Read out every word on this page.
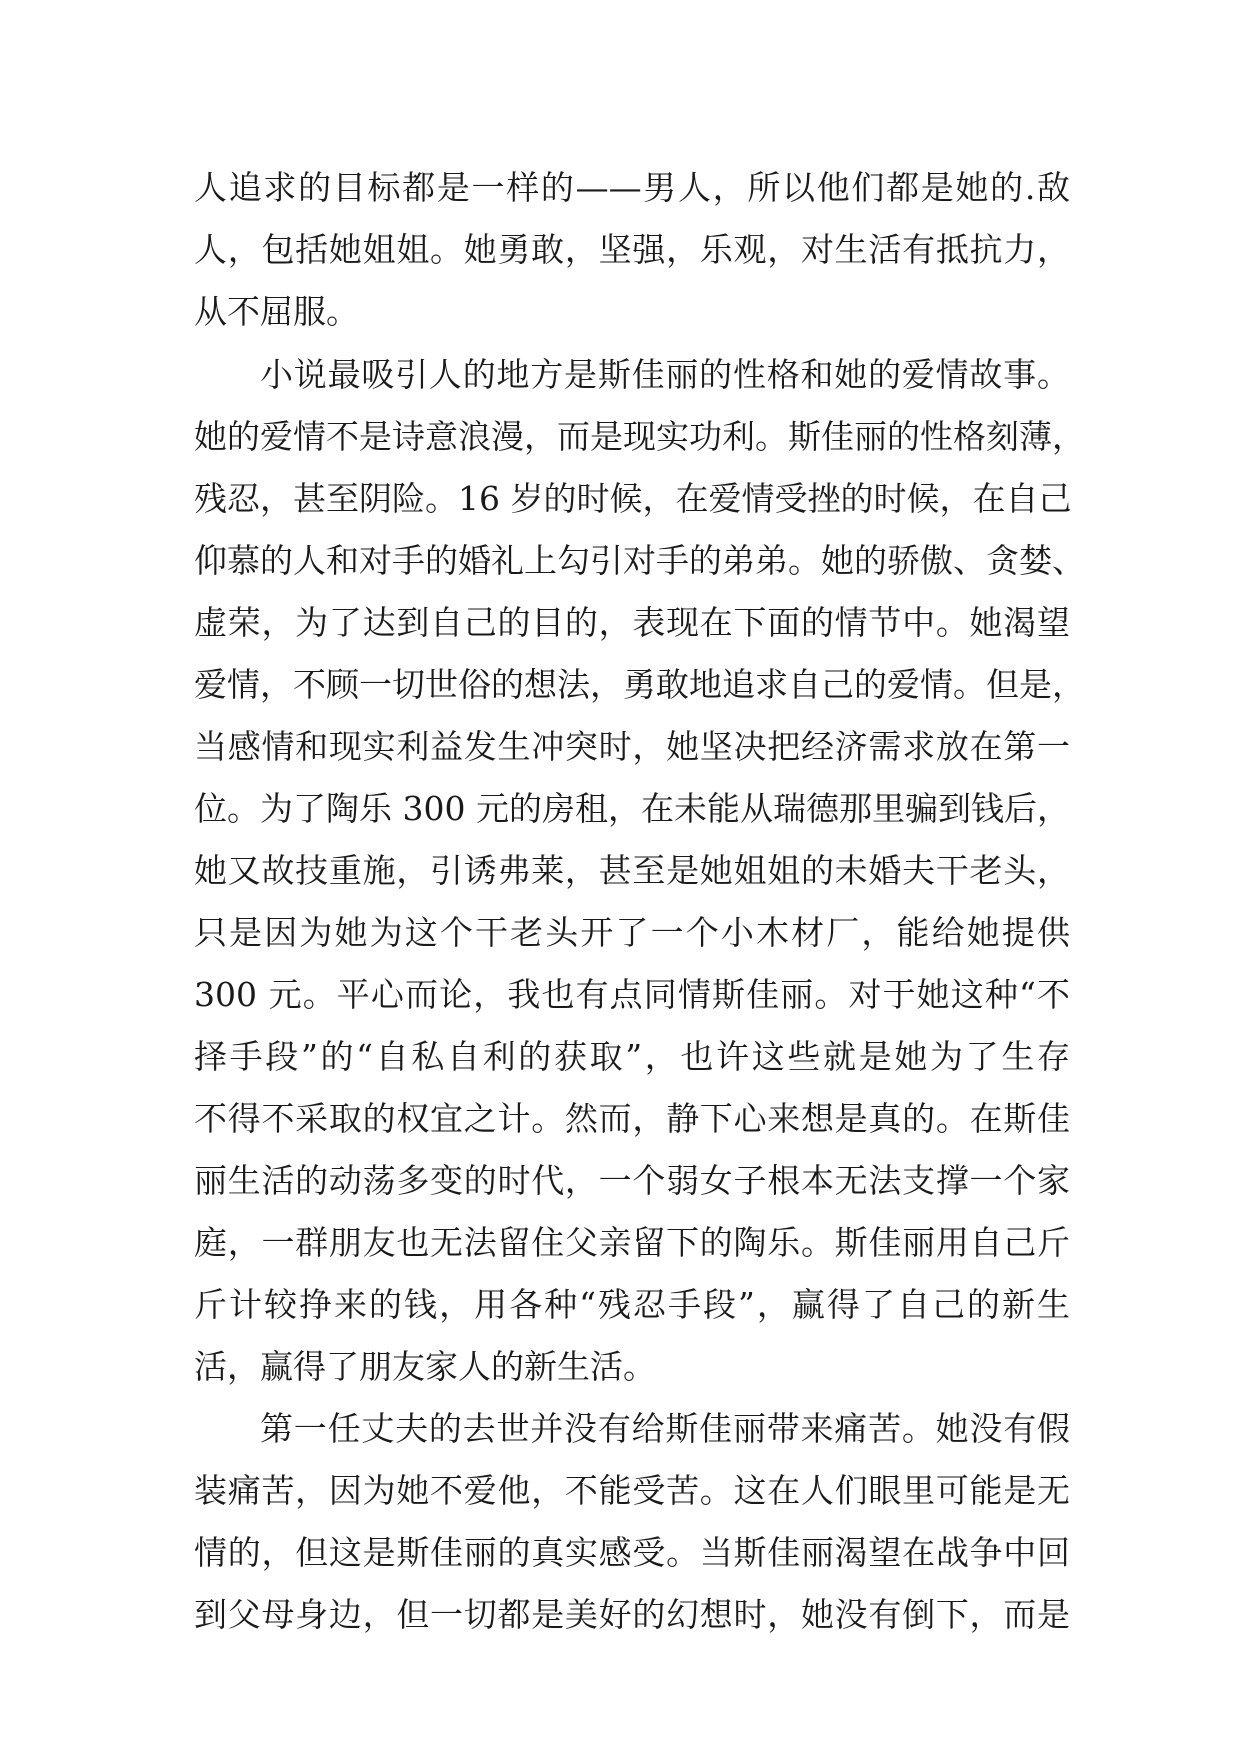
人追求的目标都是一样的——男人，所以他们都是她的.敌

人，包括她姐姐。她勇敢，坚强，乐观，对生活有抵抗力，

从不屈服。

小说最吸引人的地方是斯佳丽的性格和她的爱情故事。

她的爱情不是诗意浪漫，而是现实功利。斯佳丽的性格刻薄，

残忍，甚至阴险。16 岁的时候，在爱情受挫的时候，在自己

仰慕的人和对手的婚礼上勾引对手的弟弟。她的骄傲、贪婪、

虚荣，为了达到自己的目的，表现在下面的情节中。她渴望

爱情，不顾一切世俗的想法，勇敢地追求自己的爱情。但是，

当感情和现实利益发生冲突时，她坚决把经济需求放在第一

位。为了陶乐 300 元的房租，在未能从瑞德那里骗到钱后，

她又故技重施，引诱弗莱，甚至是她姐姐的未婚夫干老头，

只是因为她为这个干老头开了一个小木材厂，能给她提供

300 元。平心而论，我也有点同情斯佳丽。对于她这种“不

择手段”的“自私自利的获取”，也许这些就是她为了生存

不得不采取的权宜之计。然而，静下心来想是真的。在斯佳

丽生活的动荡多变的时代，一个弱女子根本无法支撑一个家

庭，一群朋友也无法留住父亲留下的陶乐。斯佳丽用自己斤

斤计较挣来的钱，用各种“残忍手段”，赢得了自己的新生

活，赢得了朋友家人的新生活。

第一任丈夫的去世并没有给斯佳丽带来痛苦。她没有假

装痛苦，因为她不爱他，不能受苦。这在人们眼里可能是无

情的，但这是斯佳丽的真实感受。当斯佳丽渴望在战争中回

到父母身边，但一切都是美好的幻想时，她没有倒下，而是
